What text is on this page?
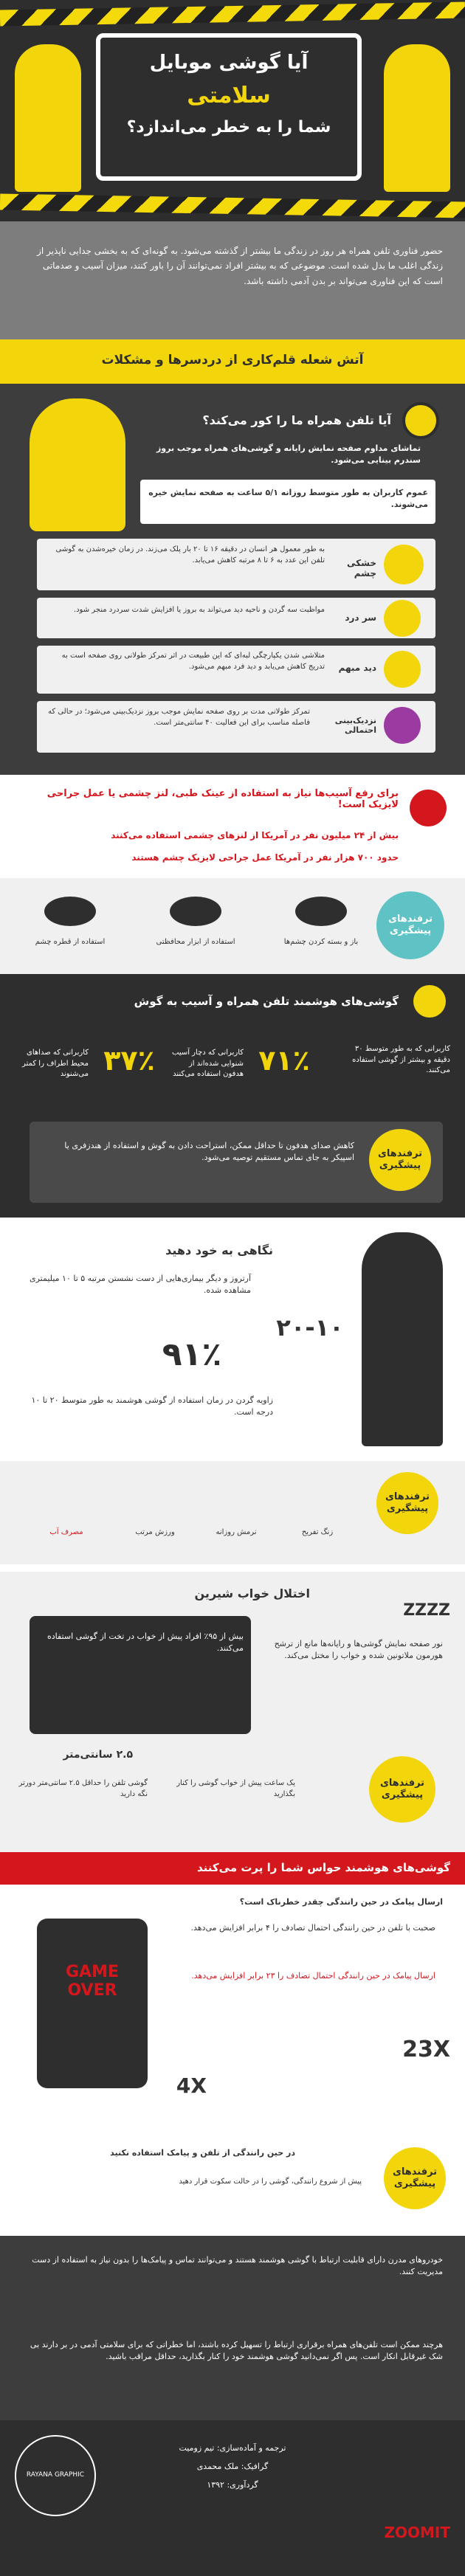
آیا گوشی موبایل
سلامتی
شما را به خطر می‌اندازد؟
حضور فناوری تلفن همراه هر روز در زندگی ما بیشتر از گذشته می‌شود. به گونه‌ای که به بخشی جدایی ناپذیر از زندگی اغلب ما بدل شده است. موضوعی که به بیشتر افراد نمی‌توانند آن را باور کنند، میزان آسیب و صدماتی است که این فناوری می‌تواند بر بدن آدمی داشته باشد.
آتش شعله قلم‌کاری از دردسرها و مشکلات
آیا تلفن همراه ما را کور می‌کند؟
تماشای مداوم صفحه نمایش رایانه و گوشی‌های همراه موجب بروز سندرم بینایی می‌شود.
عموم کاربران به طور متوسط روزانه ۵/۱ ساعت به صفحه نمایش خیره می‌شوند.
خشکی چشم
به طور معمول هر انسان در دقیقه ۱۶ تا ۲۰ بار پلک می‌زند. در زمان خیره‌شدن به گوشی تلفن این عدد به ۶ تا ۸ مرتبه کاهش می‌یابد.
سر درد
مواظبت سه گردن و ناحیه دید می‌تواند به بروز یا افزایش شدت سردرد منجر شود.
دید مبهم
متلاشی شدن یکپارچگی لبه‌ای که این طبیعت در اثر تمرکز طولانی روی صفحه است به تدریج کاهش می‌یابد و دید فرد مبهم می‌شود.
نزدیک‌بینی احتمالی
تمرکز طولانی مدت بر روی صفحه نمایش موجب بروز نزدیک‌بینی می‌شود؛ در حالی که فاصله مناسب برای این فعالیت ۴۰ سانتی‌متر است.
برای رفع آسیب‌ها نیاز به استفاده از عینک طبی، لنز چشمی یا عمل جراحی لایزیک است!
بیش از ۲۴ میلیون نفر در آمریکا از لنزهای چشمی استفاده می‌کنند
حدود ۷۰۰ هزار نفر در آمریکا عمل جراحی لایزیک چشم هستند
ترفندهای پیشگیری
باز و بسته کردن چشم‌ها
استفاده از ابزار محافظتی
استفاده از قطره چشم
گوشی‌های هوشمند تلفن همراه و آسیب به گوش
۷۱٪
کاربرانی که دچار آسیب شنوایی شده‌اند از هدفون استفاده می‌کنند
۳۷٪
کاربرانی که صداهای محیط اطراف را کمتر می‌شنوند
کاربرانی که به طور متوسط ۳۰ دقیقه و بیشتر از گوشی استفاده می‌کنند.
ترفندهای پیشگیری
کاهش صدای هدفون تا حداقل ممکن، استراحت دادن به گوش و استفاده از هندزفری یا اسپیکر به جای تماس مستقیم توصیه می‌شود.
نگاهی به خود دهید
۲۰-۱۰
آرتروز و دیگر بیماری‌هایی از دست نشستن مرتبه ۵ تا ۱۰ میلیمتری مشاهده شده.
۹۱٪
زاویه گردن در زمان استفاده از گوشی هوشمند به طور متوسط ۲۰ تا ۱۰ درجه است.
ترفندهای پیشگیری
زنگ تفریح
نرمش روزانه
ورزش مرتب
مصرف آب
اختلال خواب شیرین
ZZZZ
نور صفحه نمایش گوشی‌ها و رایانه‌ها مانع از ترشح هورمون ملاتونین شده و خواب را مختل می‌کند.
بیش از ۹۵٪ افراد پیش از خواب در تخت از گوشی استفاده می‌کنند.
۲.۵ سانتی‌متر
گوشی تلفن را حداقل ۲.۵ سانتی‌متر دورتر نگه دارید
یک ساعت پیش از خواب گوشی را کنار بگذارید
ترفندهای پیشگیری
گوشی‌های هوشمند حواس شما را پرت می‌کنند
ارسال پیامک در حین رانندگی چقدر خطرناک است؟
صحبت با تلفن در حین رانندگی احتمال تصادف را ۴ برابر افزایش می‌دهد.
ارسال پیامک در حین رانندگی احتمال تصادف را ۲۳ برابر افزایش می‌دهد.
GAME OVER
4X
23X
در حین رانندگی از تلفن و پیامک استفاده نکنید
پیش از شروع رانندگی، گوشی را در حالت سکوت قرار دهید
ترفندهای پیشگیری
خودروهای مدرن دارای قابلیت ارتباط با گوشی هوشمند هستند و می‌توانند تماس و پیامک‌ها را بدون نیاز به استفاده از دست مدیریت کنند.
هرچند ممکن است تلفن‌های همراه برقراری ارتباط را تسهیل کرده باشند، اما خطراتی که برای سلامتی آدمی در بر دارند بی شک غیرقابل انکار است. پس اگر نمی‌دانید گوشی هوشمند خود را کنار بگذارید، حداقل مراقب باشید.
ترجمه و آماده‌سازی: تیم زومیت
گرافیک: ملک محمدی
گردآوری: ۱۳۹۲
ZOOMIT
RAYANA GRAPHIC
